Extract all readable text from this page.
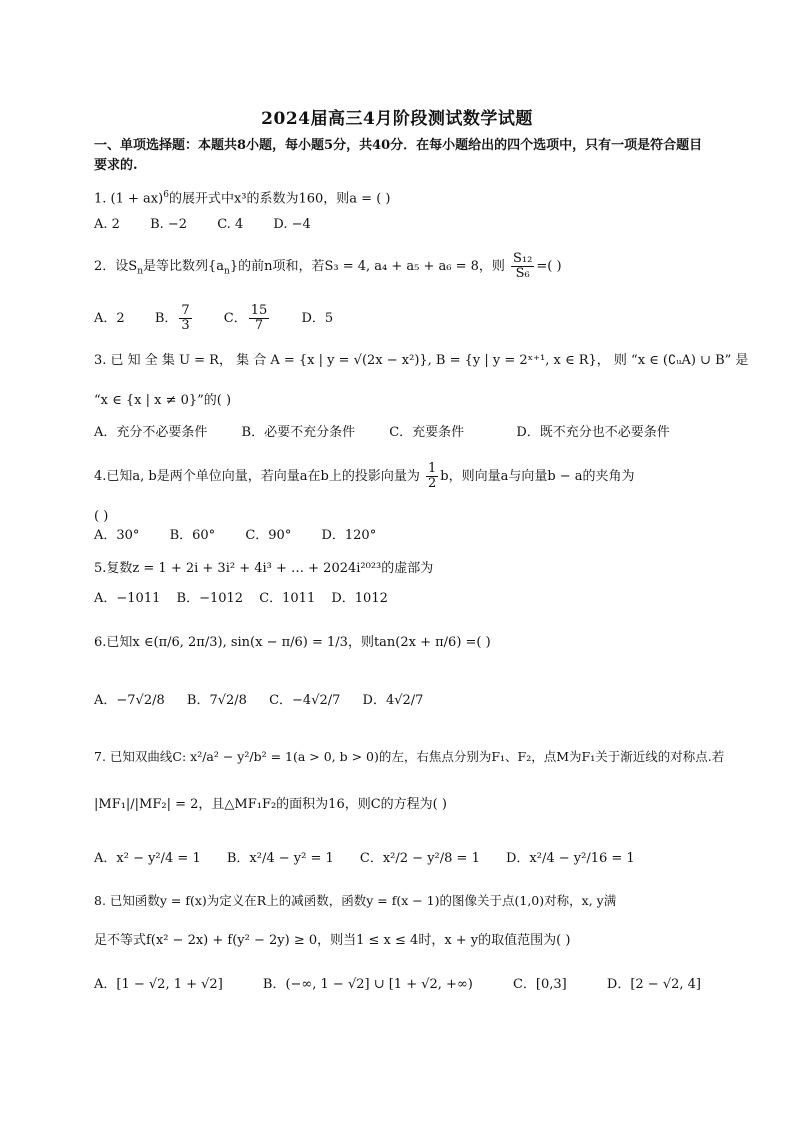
2024届高三4月阶段测试数学试题
一、单项选择题：本题共8小题，每小题5分，共40分．在每小题给出的四个选项中，只有一项是符合题目要求的.
1. (1 + ax)$^6$的展开式中x³的系数为160，则a = ( )
A. 2 B. −2 C. 4 D. −4
2．设$S_n$是等比数列$\{a_n\}$的前n项和，若S₃ = 4, a₄ + a₅ + a₆ = 8，则 $\frac{\text{S₁₂}}{\text{S₆}}$ =( )
A．2 B． $\frac{7}{3}$ C． $\frac{15}{7}$ D．5
3. 已 知 全 集 U = R， 集 合 A = {x | y = √(2x − x²)}, B = {y | y = 2ˣ⁺¹, x ∈ R}， 则 “x ∈ (∁ᵤA) ∪ B” 是
“x ∈ {x | x ≠ 0}”的( )
A．充分不必要条件	B．必要不充分条件	C．充要条件	D．既不充分也不必要条件
4.已知a, b是两个单位向量，若向量a在b上的投影向量为 $\frac{1}{2}$ b，则向量a与向量b − a的夹角为
( )
A．30° B．60° C．90° D．120°
5.复数z = 1 + 2i + 3i² + 4i³ + … + 2024i²⁰²³的虚部为
A．−1011 B．−1012 C．1011 D．1012
6.已知x ∈(π/6, 2π/3), sin(x − π/6) = 1/3，则tan(2x + π/6) =( )
A．−7√2/8 B．7√2/8 C．−4√2/7 D．4√2/7
7. 已知双曲线C: x²/a² − y²/b² = 1(a > 0, b > 0)的左，右焦点分别为F₁、F₂，点M为F₁关于渐近线的对称点.若
|MF₁|/|MF₂| = 2，且△MF₁F₂的面积为16，则C的方程为( )
A．x² − y²/4 = 1 B．x²/4 − y² = 1 C．x²/2 − y²/8 = 1 D．x²/4 − y²/16 = 1
8. 已知函数y = f(x)为定义在R上的减函数，函数y = f(x − 1)的图像关于点(1,0)对称，x, y满
足不等式f(x² − 2x) + f(y² − 2y) ≥ 0，则当1 ≤ x ≤ 4时，x + y的取值范围为( )
A．[1 − √2, 1 + √2]	B．(−∞, 1 − √2] ∪ [1 + √2, +∞)	C．[0,3]	D．[2 − √2, 4]
